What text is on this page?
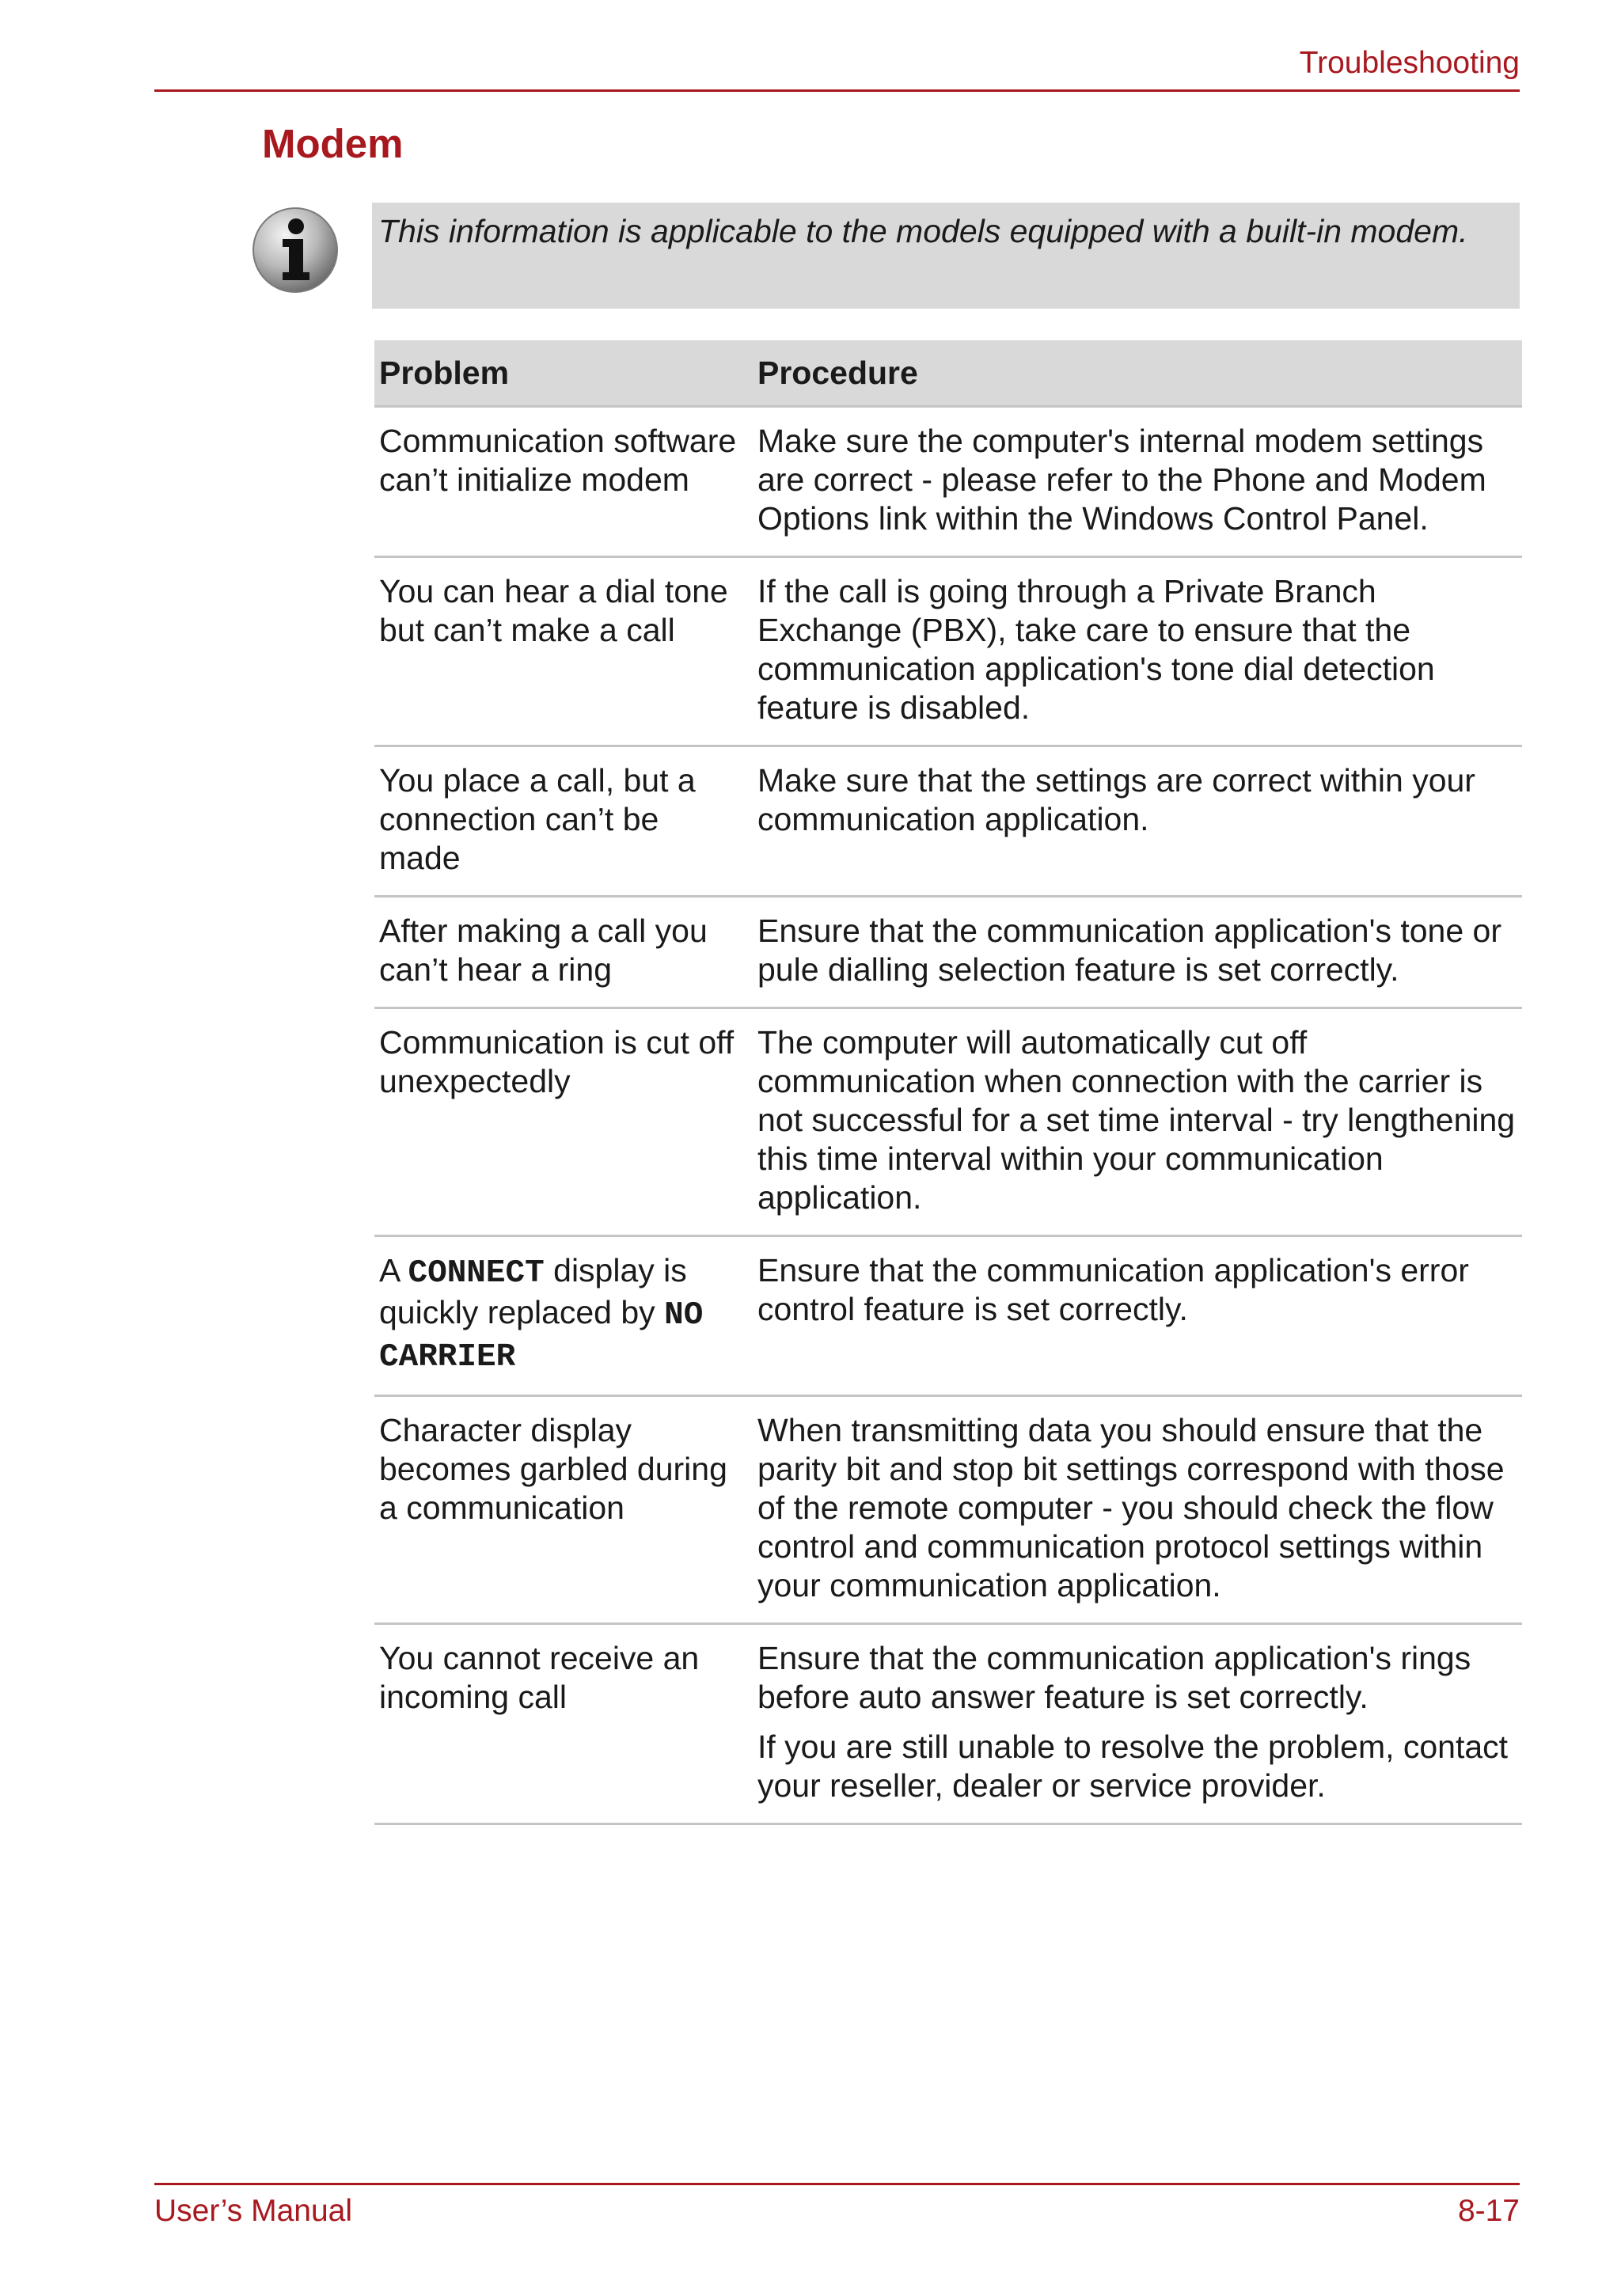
Troubleshooting
Modem
This information is applicable to the models equipped with a built-in modem.
Problem	Procedure
Communication software can’t initialize modem	Make sure the computer's internal modem settings are correct - please refer to the Phone and Modem Options link within the Windows Control Panel.
You can hear a dial tone but can’t make a call	If the call is going through a Private Branch Exchange (PBX), take care to ensure that the communication application's tone dial detection feature is disabled.
You place a call, but a connection can’t be made	Make sure that the settings are correct within your communication application.
After making a call you can’t hear a ring	Ensure that the communication application's tone or pule dialling selection feature is set correctly.
Communication is cut off unexpectedly	The computer will automatically cut off communication when connection with the carrier is not successful for a set time interval - try lengthening this time interval within your communication application.
A CONNECT display is quickly replaced by NO CARRIER	Ensure that the communication application's error control feature is set correctly.
Character display becomes garbled during a communication	When transmitting data you should ensure that the parity bit and stop bit settings correspond with those of the remote computer - you should check the flow control and communication protocol settings within your communication application.
You cannot receive an incoming call	Ensure that the communication application's rings before auto answer feature is set correctly.

If you are still unable to resolve the problem, contact your reseller, dealer or service provider.

User’s Manual	8-17
